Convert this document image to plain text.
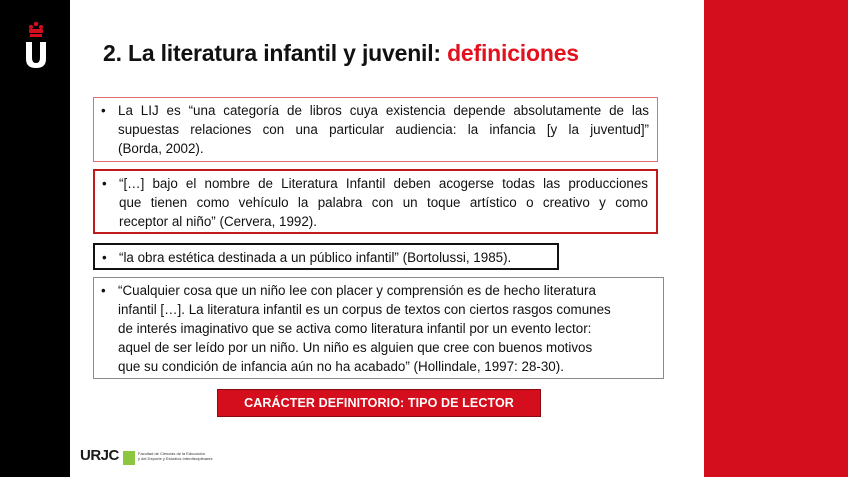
2. La literatura infantil y juvenil: definiciones
• La LIJ es “una categoría de libros cuya existencia depende absolutamente de las
supuestas relaciones con una particular audiencia: la infancia [y la juventud]”
(Borda, 2002).
• “[…] bajo el nombre de Literatura Infantil deben acogerse todas las producciones
que tienen como vehículo la palabra con un toque artístico o creativo y como
receptor al niño” (Cervera, 1992).
• “la obra estética destinada a un público infantil” (Bortolussi, 1985).
• “Cualquier cosa que un niño lee con placer y comprensión es de hecho literatura
infantil […]. La literatura infantil es un corpus de textos con ciertos rasgos comunes
de interés imaginativo que se activa como literatura infantil por un evento lector:
aquel de ser leído por un niño. Un niño es alguien que cree con buenos motivos
que su condición de infancia aún no ha acabado” (Hollindale, 1997: 28-30).
CARÁCTER DEFINITORIO: TIPO DE LECTOR
URJC	Facultad de Ciencias de la Educación
y del Deporte y Estudios Interdisciplinares
